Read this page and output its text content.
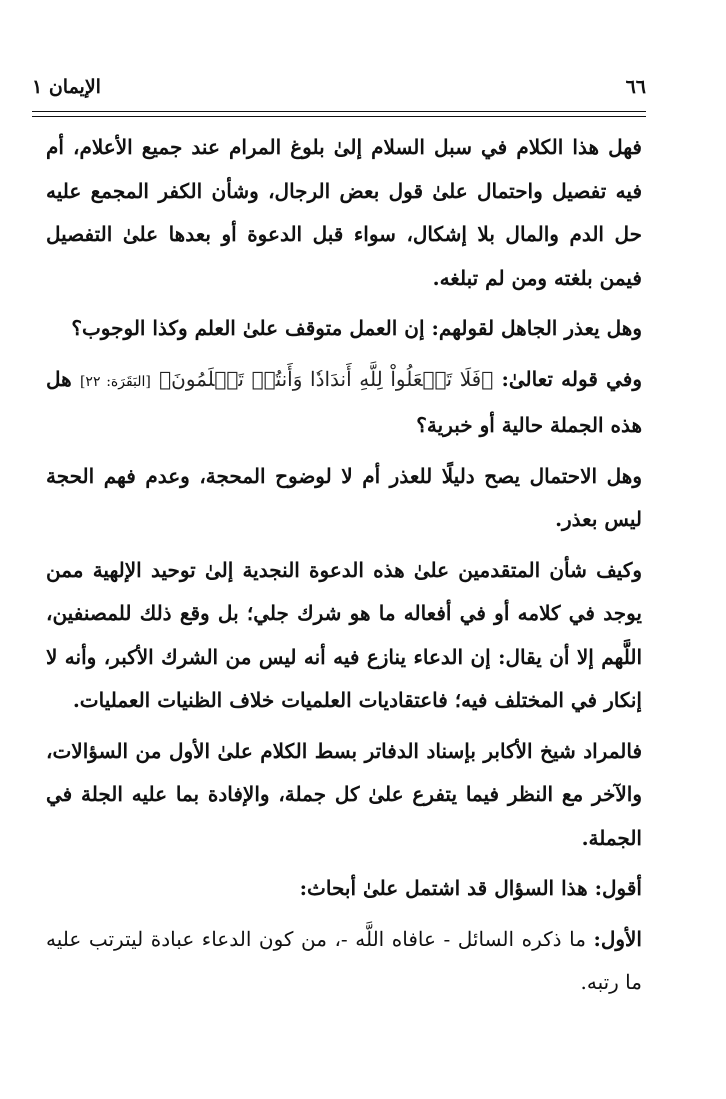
٦٦
الإيمان ١

فهل هذا الكلام في سبل السلام إلىٰ بلوغ المرام عند جميع الأعلام، أم فيه تفصيل واحتمال علىٰ قول بعض الرجال، وشأن الكفر المجمع عليه حل الدم والمال بلا إشكال، سواء قبل الدعوة أو بعدها علىٰ التفصيل فيمن بلغته ومن لم تبلغه.

وهل يعذر الجاهل لقولهم: إن العمل متوقف علىٰ العلم وكذا الوجوب؟

وفي قوله تعالىٰ: ﴿فَلَا تَجۡعَلُواْ لِلَّهِ أَندَادٗا وَأَنتُمۡ تَعۡلَمُونَ﴾ [البَقَرَة: ٢٢] هل هذه الجملة حالية أو خبرية؟

وهل الاحتمال يصح دليلًا للعذر أم لا لوضوح المحجة، وعدم فهم الحجة ليس بعذر.

وكيف شأن المتقدمين علىٰ هذه الدعوة النجدية إلىٰ توحيد الإلهية ممن يوجد في كلامه أو في أفعاله ما هو شرك جلي؛ بل وقع ذلك للمصنفين، اللَّهم إلا أن يقال: إن الدعاء ينازع فيه أنه ليس من الشرك الأكبر، وأنه لا إنكار في المختلف فيه؛ فاعتقاديات العلميات خلاف الظنيات العمليات.

فالمراد شيخ الأكابر بإسناد الدفاتر بسط الكلام علىٰ الأول من السؤالات، والآخر مع النظر فيما يتفرع علىٰ كل جملة، والإفادة بما عليه الجلة في الجملة.

أقول: هذا السؤال قد اشتمل علىٰ أبحاث:

الأول: ما ذكره السائل - عافاه اللَّه -، من كون الدعاء عبادة ليترتب عليه ما رتبه.
